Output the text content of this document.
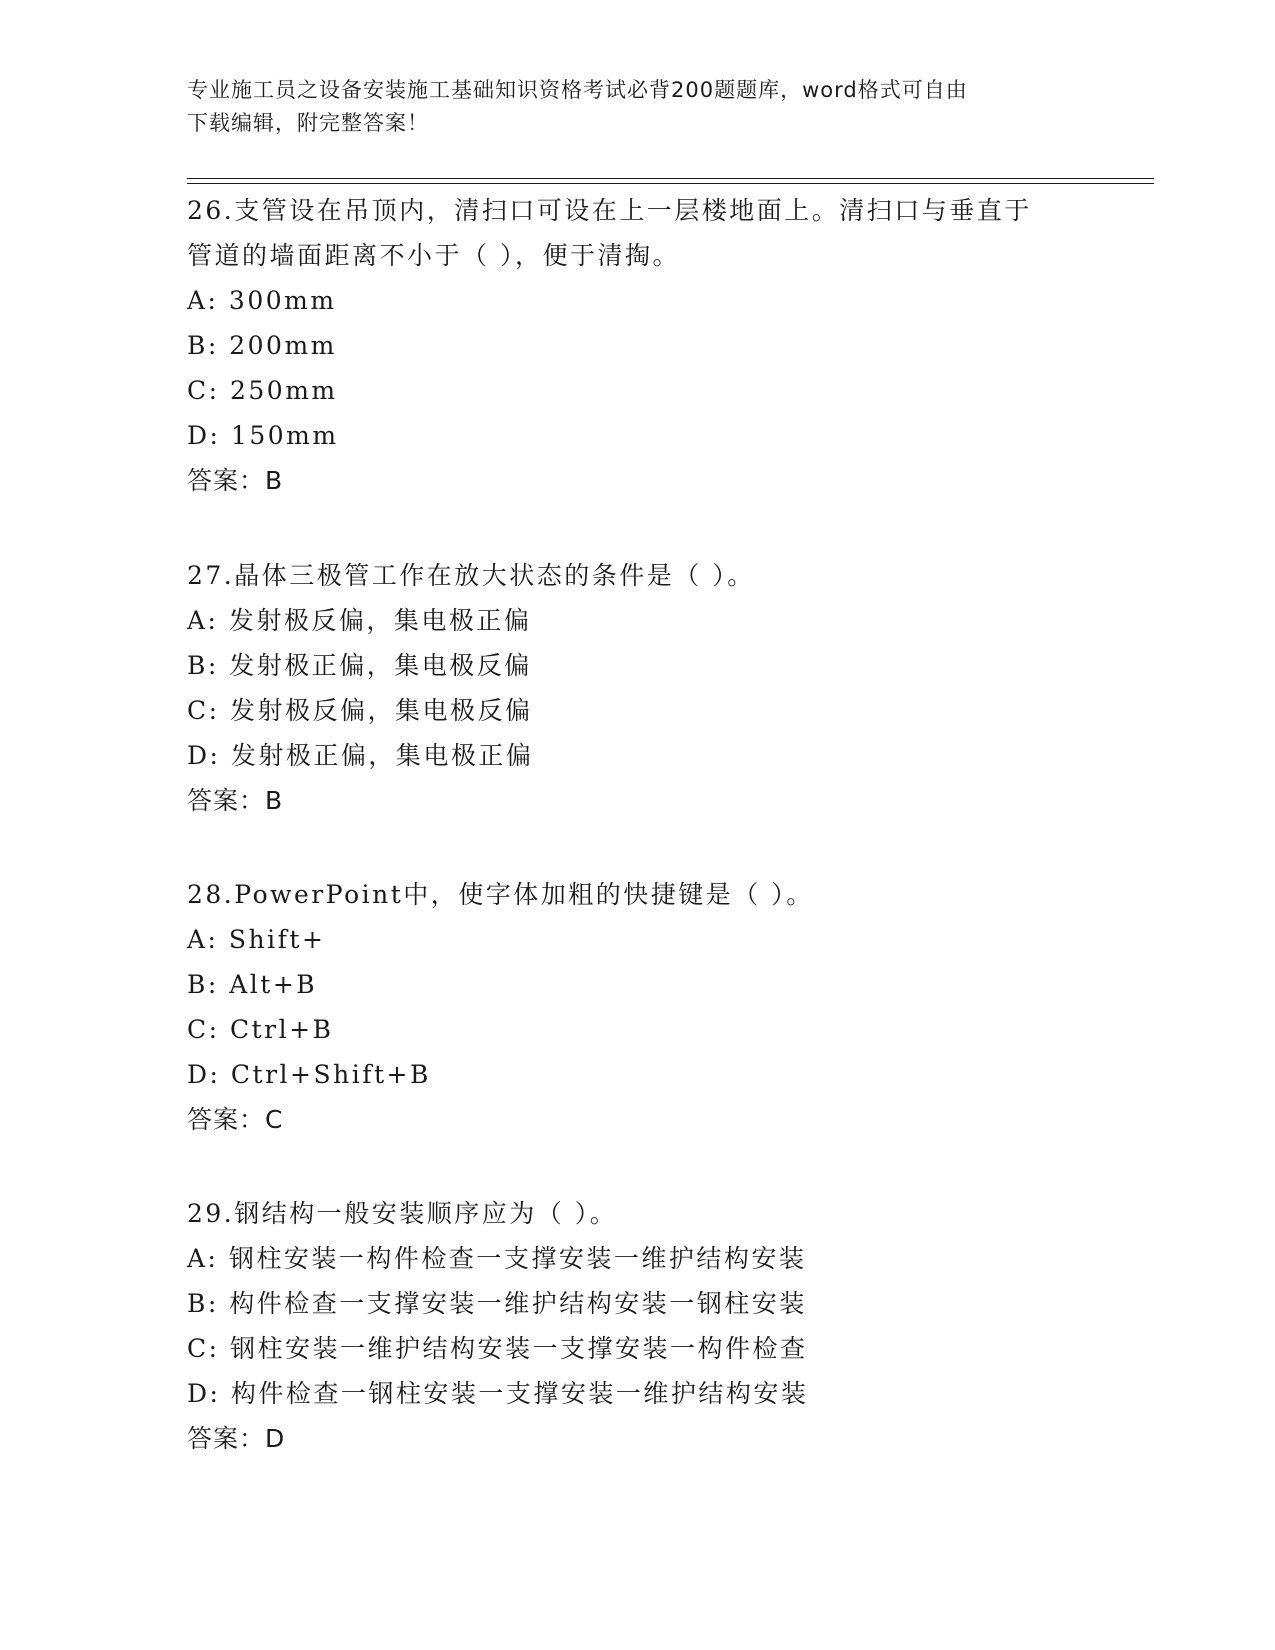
专业施工员之设备安装施工基础知识资格考试必背200题题库，word格式可自由
下载编辑，附完整答案！

26.支管设在吊顶内，清扫口可设在上一层楼地面上。清扫口与垂直于
管道的墙面距离不小于（ ），便于清掏。

A: 300mm

B: 200mm

C: 250mm

D: 150mm

答案：B

27.晶体三极管工作在放大状态的条件是（ ）。

A: 发射极反偏，集电极正偏

B: 发射极正偏，集电极反偏

C: 发射极反偏，集电极反偏

D: 发射极正偏，集电极正偏

答案：B

28.PowerPoint中，使字体加粗的快捷键是（ ）。

A: Shift+

B: Alt+B

C: Ctrl+B

D: Ctrl+Shift+B

答案：C

29.钢结构一般安装顺序应为（ ）。

A: 钢柱安装一构件检查一支撑安装一维护结构安装

B: 构件检查一支撑安装一维护结构安装一钢柱安装

C: 钢柱安装一维护结构安装一支撑安装一构件检查

D: 构件检查一钢柱安装一支撑安装一维护结构安装

答案：D
